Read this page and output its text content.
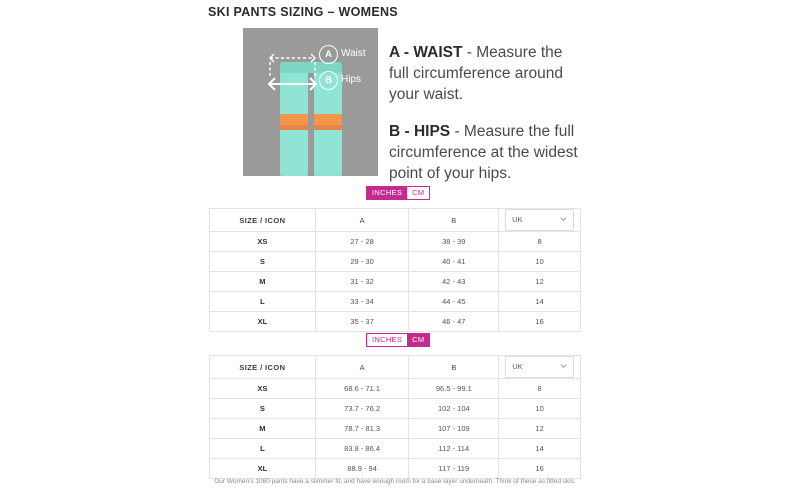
SKI PANTS SIZING – WOMENS
A Waist
B Hips

A - WAIST - Measure the full circumference around your waist.

B - HIPS - Measure the full circumference at the widest point of your hips.

INCHES	CM
SIZE / ICON	A	B	UK

XS	27 - 28	38 - 39	8
S	29 - 30	40 - 41	10
M	31 - 32	42 - 43	12
L	33 - 34	44 - 45	14
XL	35 - 37	46 - 47	16
INCHES	CM
SIZE / ICON	A	B	UK

XS	68.6 - 71.1	96.5 - 99.1	8
S	73.7 - 76.2	102 - 104	10
M	78.7 - 81.3	107 - 109	12
L	83.8 - 86.4	112 - 114	14
XL	88.9 - 94	117 - 119	16
Our Women's 1080 pants have a slimmer fit, and have enough room for a base layer underneath. Think of these as fitted skis.
